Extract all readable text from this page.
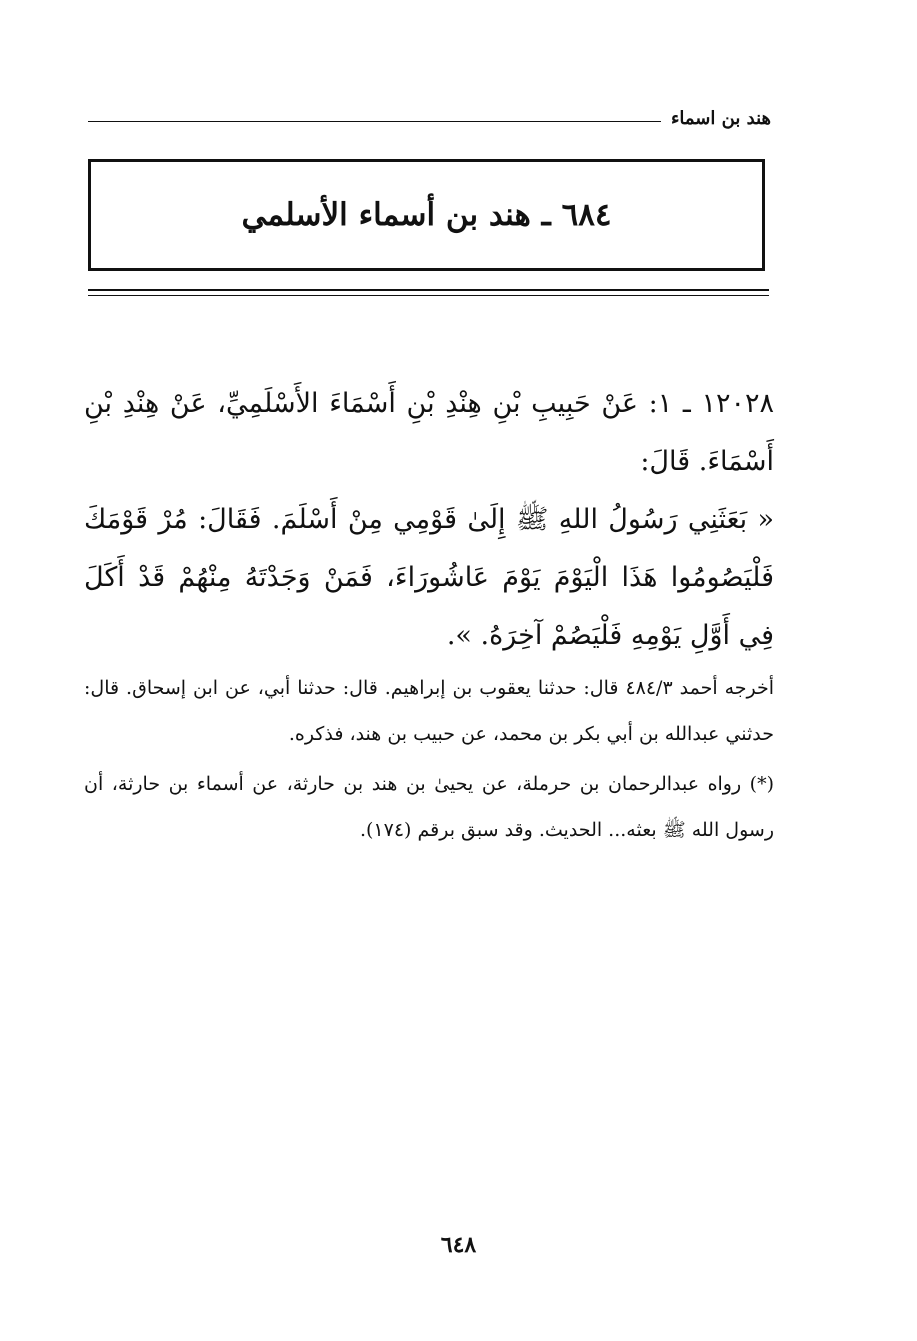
هند بن اسماء
٦٨٤ ـ هند بن أسماء الأسلمي

١٢٠٢٨ ـ ١: عَنْ حَبِيبِ بْنِ هِنْدِ بْنِ أَسْمَاءَ الأَسْلَمِيِّ، عَنْ هِنْدِ بْنِ أَسْمَاءَ. قَالَ:

« بَعَثَنِي رَسُولُ اللهِ ﷺ إِلَىٰ قَوْمِي مِنْ أَسْلَمَ. فَقَالَ: مُرْ قَوْمَكَ فَلْيَصُومُوا هَذَا الْيَوْمَ يَوْمَ عَاشُورَاءَ، فَمَنْ وَجَدْتَهُ مِنْهُمْ قَدْ أَكَلَ فِي أَوَّلِ يَوْمِهِ فَلْيَصُمْ آخِرَهُ. ».

أخرجه أحمد ٤٨٤/٣ قال: حدثنا يعقوب بن إبراهيم. قال: حدثنا أبي، عن ابن إسحاق. قال: حدثني عبدالله بن أبي بكر بن محمد، عن حبيب بن هند، فذكره.

(*) رواه عبدالرحمان بن حرملة، عن يحيىٰ بن هند بن حارثة، عن أسماء بن حارثة، أن رسول الله ﷺ بعثه... الحديث. وقد سبق برقم (١٧٤).

٦٤٨
